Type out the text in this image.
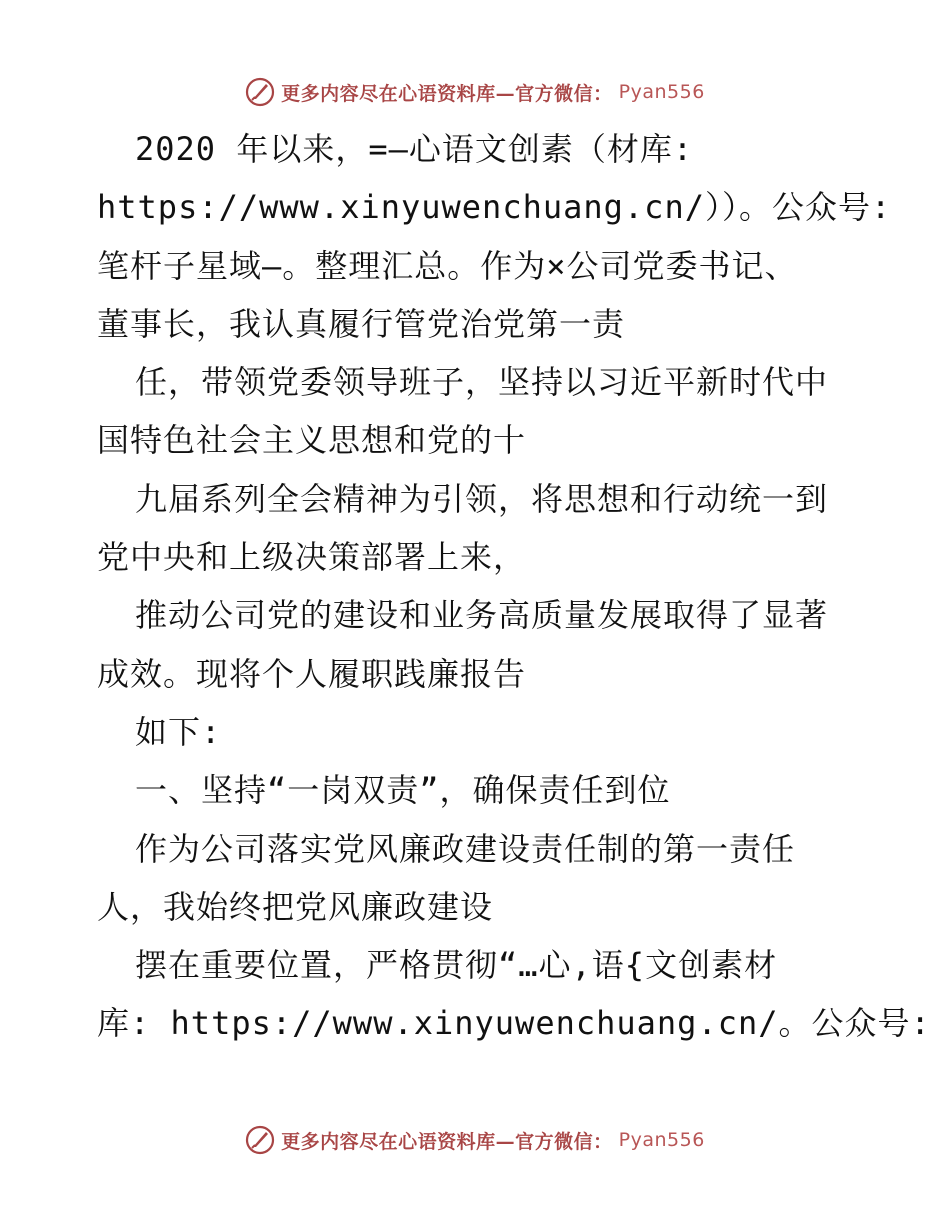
更多内容尽在心语资料库—官方微信： Pyan556
2020 年以来，=—心语文创素（材库:
https://www.xinyuwenchuang.cn/））。公众号:
笔杆子星域—。整理汇总。作为×公司党委书记、
董事长，我认真履行管党治党第一责
任，带领党委领导班子，坚持以习近平新时代中
国特色社会主义思想和党的十
九届系列全会精神为引领，将思想和行动统一到
党中央和上级决策部署上来，
推动公司党的建设和业务高质量发展取得了显著
成效。现将个人履职践廉报告
如下:
一、坚持“一岗双责”，确保责任到位
作为公司落实党风廉政建设责任制的第一责任
人，我始终把党风廉政建设
摆在重要位置，严格贯彻“…心,语{文创素材
库: https://www.xinyuwenchuang.cn/。公众号:
更多内容尽在心语资料库—官方微信： Pyan556
